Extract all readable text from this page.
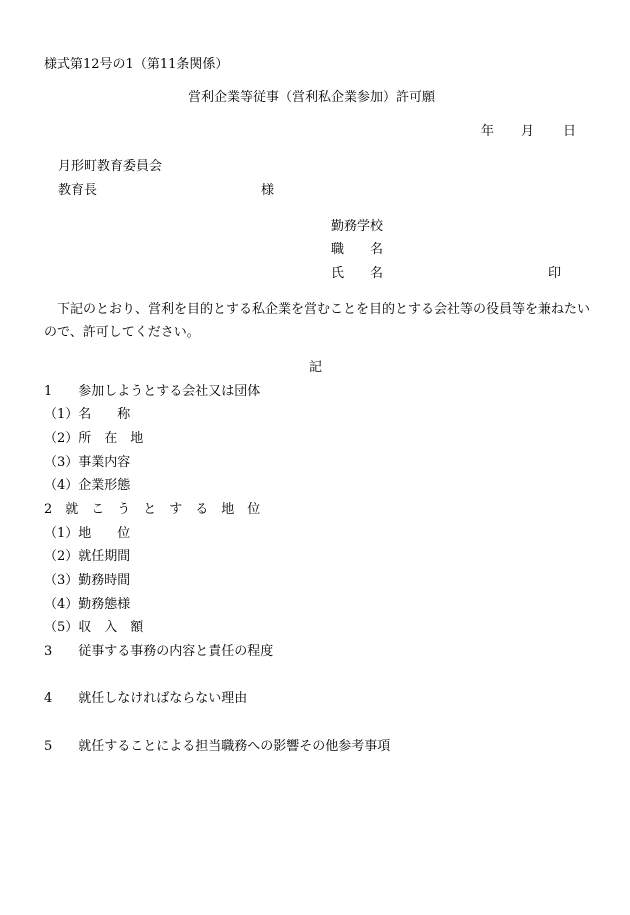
様式第12号の1（第11条関係）
営利企業等従事（営利私企業参加）許可願
年 月 日
月形町教育委員会
教育長	様
勤務学校
職　　名
氏　　名	印
　下記のとおり、営利を目的とする私企業を営むことを目的とする会社等の役員等を兼ねたいので、許可してください。
記
1　　参加しようとする会社又は団体
（1）名　　称
（2）所　在　地
（3）事業内容
（4）企業形態
2　就　こ　う　と　す　る　地　位
（1）地　　位
（2）就任期間
（3）勤務時間
（4）勤務態様
（5）収　入　額
3　　従事する事務の内容と責任の程度
4　　就任しなければならない理由
5　　就任することによる担当職務への影響その他参考事項
